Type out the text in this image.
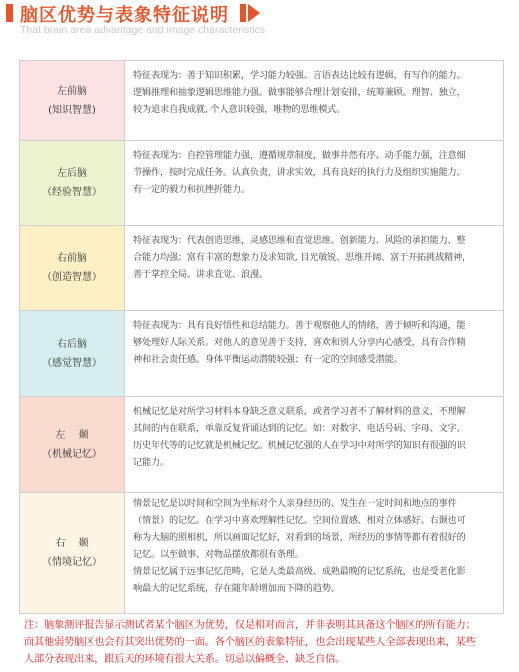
脑区优势与表象特征说明
That brain area advantage and image characteristics
左前脑
(知识智慧)

特征表现为：善于知识积累，学习能力较强。言语表达比较有逻辑，有写作的能力。

逻辑推理和抽象逻辑思维能力强。做事能够合理计划安排，统筹兼顾。理智、独立，

较为追求自我成就, 个人意识较强，唯物的思维模式。

左后脑
（经验智慧）

特征表现为：自控管理能力强，遵循规章制度，做事井然有序。动手能力强，注意细

节操作，按时完成任务。认真负责，讲求实效，具有良好的执行力及组织实施能力。

有一定的毅力和抗挫折能力。

右前脑
（创造智慧）

特征表现为：代表创造思维，灵感思维和直觉思维。创新能力、风险的承担能力、整

合能力均强；富有丰富的想象力及求知欲, 目光敏锐、思维开阔、富于开拓挑战精神，

善于掌控全局。讲求直觉、浪漫。

右后脑
（感觉智慧）

特征表现为：具有良好悟性和总结能力。善于观察他人的情绪，善于倾听和沟通，能

够处理好人际关系。对他人的意见善于支持，喜欢和别人分享内心感受，具有合作精

神和社会责任感。身体平衡运动潜能较强；有一定的空间感受潜能。

左　 颞
（机械记忆）

机械记忆是对所学习材料本身缺乏意义联系，或者学习者不了解材料的意义，不理解

其间的内在联系，单靠反复背诵达到的记忆。如：对数字、电话号码、字母、文字、

历史年代等的记忆就是机械记忆。机械记忆强的人在学习中对所学的知识有很强的识

记能力。

右　 颞
（情境记忆）

情景记忆是以时间和空间为坐标对个人亲身经历的、发生在一定时间和地点的事件

（情景）的记忆。在学习中喜欢理解性记忆。空间位置感、相对立体感好。右颞也可

称为大脑的照相机，所以画面记忆好，对看到的场景，所经历的事情等都有着很好的

记忆。以至做事、对物品摆放都很有条理。

情景记忆属于远事记忆范畴，它是人类最高级、成熟最晚的记忆系统，也是受老化影

响最大的记忆系统，存在随年龄增加而下降的趋势。

注：脑象测评报告显示测试者某个脑区为优势，仅是相对而言，并非表明其具备这个脑区的所有能力；

而其他弱势脑区也会有其突出优势的一面。各个脑区的表象特征，也会出现某些人全部表现出来，某些

人部分表现出来，跟后天的环境有很大关系。切忌以偏概全、缺乏自信。
